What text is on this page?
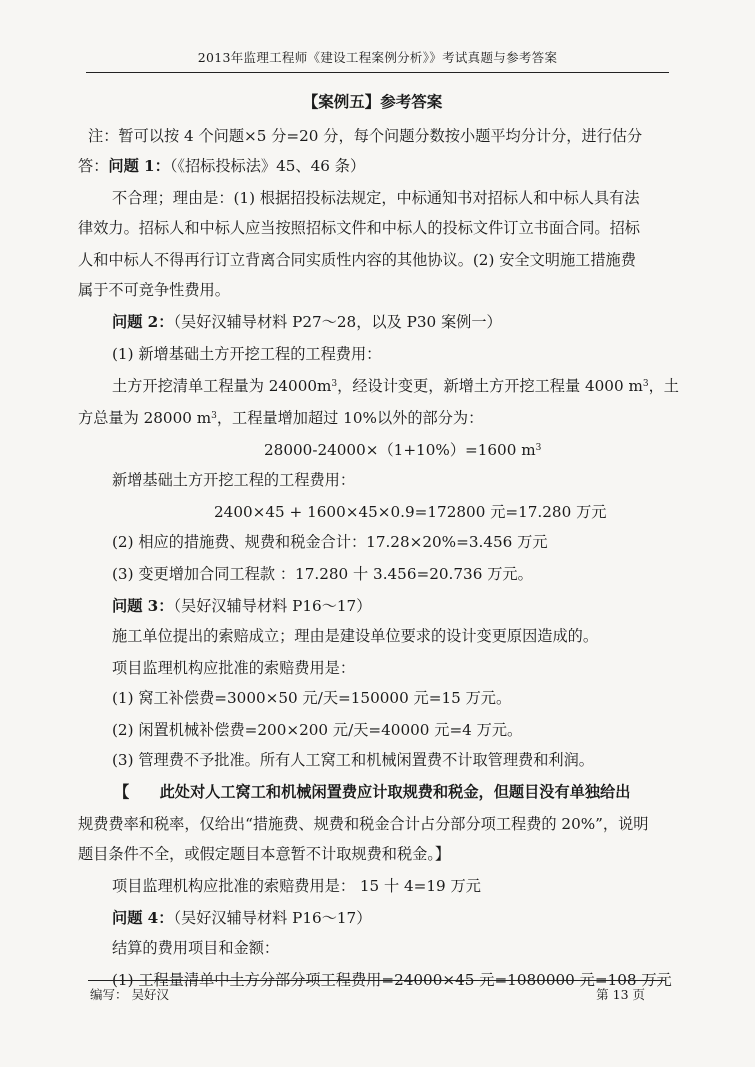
2013年监理工程师《建设工程案例分析》》考试真题与参考答案
【案例五】参考答案
注：暂可以按 4 个问题×5 分=20 分，每个问题分数按小题平均分计分，进行估分
答：问题 1：（《招标投标法》45、46 条）
不合理；理由是：(1) 根据招投标法规定，中标通知书对招标人和中标人具有法
律效力。招标人和中标人应当按照招标文件和中标人的投标文件订立书面合同。招标
人和中标人不得再行订立背离合同实质性内容的其他协议。(2) 安全文明施工措施费
属于不可竞争性费用。
问题 2：（吴好汉辅导材料 P27～28，以及 P30 案例一）
(1) 新增基础土方开挖工程的工程费用：
土方开挖清单工程量为 $24000m^3$，经设计变更，新增土方开挖工程量 4000 $m^3$，土
方总量为 28000 $m^3$，工程量增加超过 10%以外的部分为：
28000-24000×（1+10%）=1600 $m^3$
新增基础土方开挖工程的工程费用：
2400×45 + 1600×45×0.9=172800 元=17.280 万元
(2) 相应的措施费、规费和税金合计：17.28×20%=3.456 万元
(3) 变更增加合同工程款 ：17.280 十 3.456=20.736 万元。
问题 3：（吴好汉辅导材料 P16～17）
施工单位提出的索赔成立；理由是建设单位要求的设计变更原因造成的。
项目监理机构应批准的索赔费用是：
(1) 窝工补偿费=3000×50 元/天=150000 元=15 万元。
(2) 闲置机械补偿费=200×200 元/天=40000 元=4 万元。
(3) 管理费不予批准。所有人工窝工和机械闲置费不计取管理费和利润。
【　　此处对人工窝工和机械闲置费应计取规费和税金，但题目没有单独给出
规费费率和税率，仅给出“措施费、规费和税金合计占分部分项工程费的 20%”，说明
题目条件不全，或假定题目本意暂不计取规费和税金。】
项目监理机构应批准的索赔费用是： 15 十 4=19 万元
问题 4：（吴好汉辅导材料 P16～17）
结算的费用项目和金额：
(1) 工程量清单中土方分部分项工程费用=24000×45 元=1080000 元=108 万元
编写： 吴好汉	第 13 页
